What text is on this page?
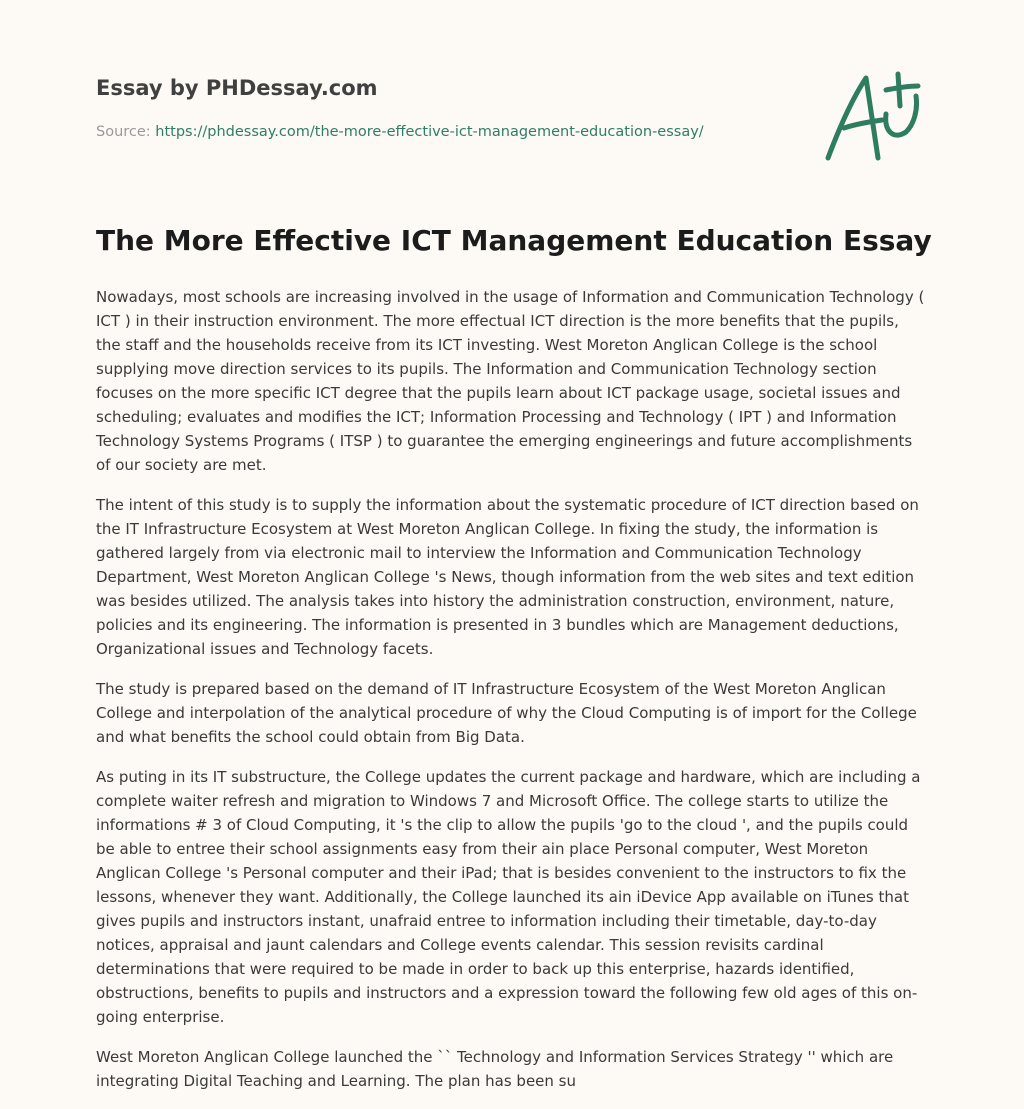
Essay by PHDessay.com
Source: https://phdessay.com/the-more-effective-ict-management-education-essay/
The More Effective ICT Management Education Essay

Nowadays, most schools are increasing involved in the usage of Information and Communication Technology ( ICT ) in their instruction environment. The more effectual ICT direction is the more benefits that the pupils, the staff and the households receive from its ICT investing. West Moreton Anglican College is the school supplying move direction services to its pupils. The Information and Communication Technology section focuses on the more specific ICT degree that the pupils learn about ICT package usage, societal issues and scheduling; evaluates and modifies the ICT; Information Processing and Technology ( IPT ) and Information Technology Systems Programs ( ITSP ) to guarantee the emerging engineerings and future accomplishments of our society are met.

The intent of this study is to supply the information about the systematic procedure of ICT direction based on the IT Infrastructure Ecosystem at West Moreton Anglican College. In fixing the study, the information is gathered largely from via electronic mail to interview the Information and Communication Technology Department, West Moreton Anglican College 's News, though information from the web sites and text edition was besides utilized. The analysis takes into history the administration construction, environment, nature, policies and its engineering. The information is presented in 3 bundles which are Management deductions, Organizational issues and Technology facets.

The study is prepared based on the demand of IT Infrastructure Ecosystem of the West Moreton Anglican College and interpolation of the analytical procedure of why the Cloud Computing is of import for the College and what benefits the school could obtain from Big Data.

As puting in its IT substructure, the College updates the current package and hardware, which are including a complete waiter refresh and migration to Windows 7 and Microsoft Office. The college starts to utilize the informations # 3 of Cloud Computing, it 's the clip to allow the pupils 'go to the cloud ', and the pupils could be able to entree their school assignments easy from their ain place Personal computer, West Moreton Anglican College 's Personal computer and their iPad; that is besides convenient to the instructors to fix the lessons, whenever they want. Additionally, the College launched its ain iDevice App available on iTunes that gives pupils and instructors instant, unafraid entree to information including their timetable, day-to-day notices, appraisal and jaunt calendars and College events calendar. This session revisits cardinal determinations that were required to be made in order to back up this enterprise, hazards identified, obstructions, benefits to pupils and instructors and a expression toward the following few old ages of this on-going enterprise.

West Moreton Anglican College launched the `` Technology and Information Services Strategy '' which are integrating Digital Teaching and Learning. The plan has been su
